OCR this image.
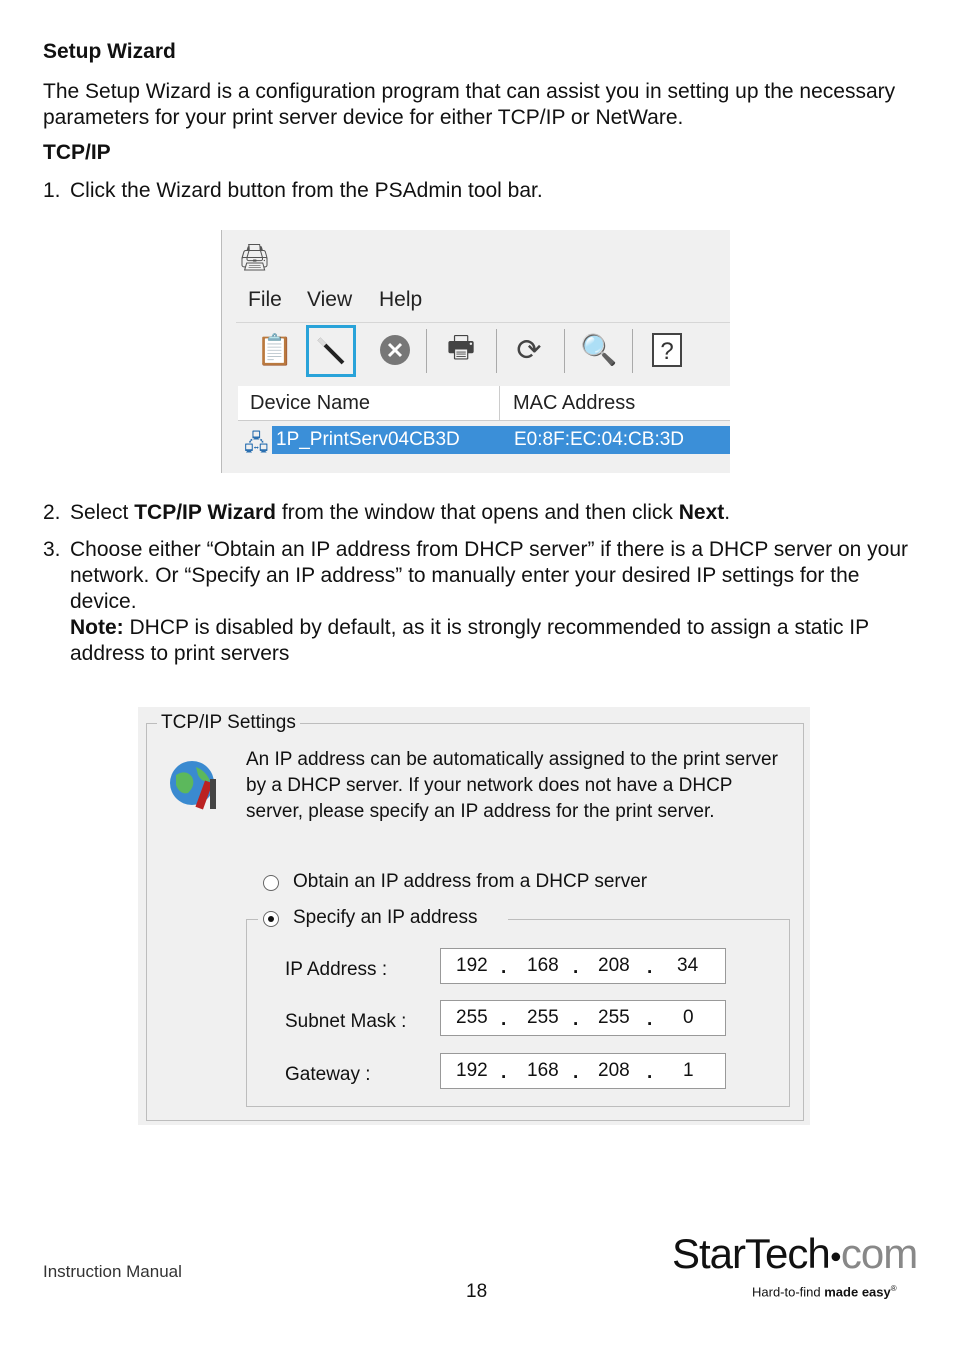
Setup Wizard
The Setup Wizard is a configuration program that can assist you in setting up the necessary parameters for your print server device for either TCP/IP or NetWare.
TCP/IP
1. Click the Wizard button from the PSAdmin tool bar.
🖨
File View Help
📋	🖶	⟳	🔍 ?
Device Name	MAC Address
🖧 1P_PrintServ04CB3D	E0:8F:EC:04:CB:3D
2. Select TCP/IP Wizard from the window that opens and then click Next.
3. Choose either “Obtain an IP address from DHCP server” if there is a DHCP server on your network. Or “Specify an IP address” to manually enter your desired IP settings for the device.
Note: DHCP is disabled by default, as it is strongly recommended to assign a static IP address to print servers
TCP/IP Settings
An IP address can be automatically assigned to the print server by a DHCP server. If your network does not have a DHCP server, please specify an IP address for the print server.
Obtain an IP address from a DHCP server
Specify an IP address
IP Address :	192 . 168 . 208 . 34
Subnet Mask :	255 . 255 . 255 . 0
Gateway :	192 . 168 . 208 . 1
Instruction Manual
18
StarTech●com
Hard-to-find made easy®
